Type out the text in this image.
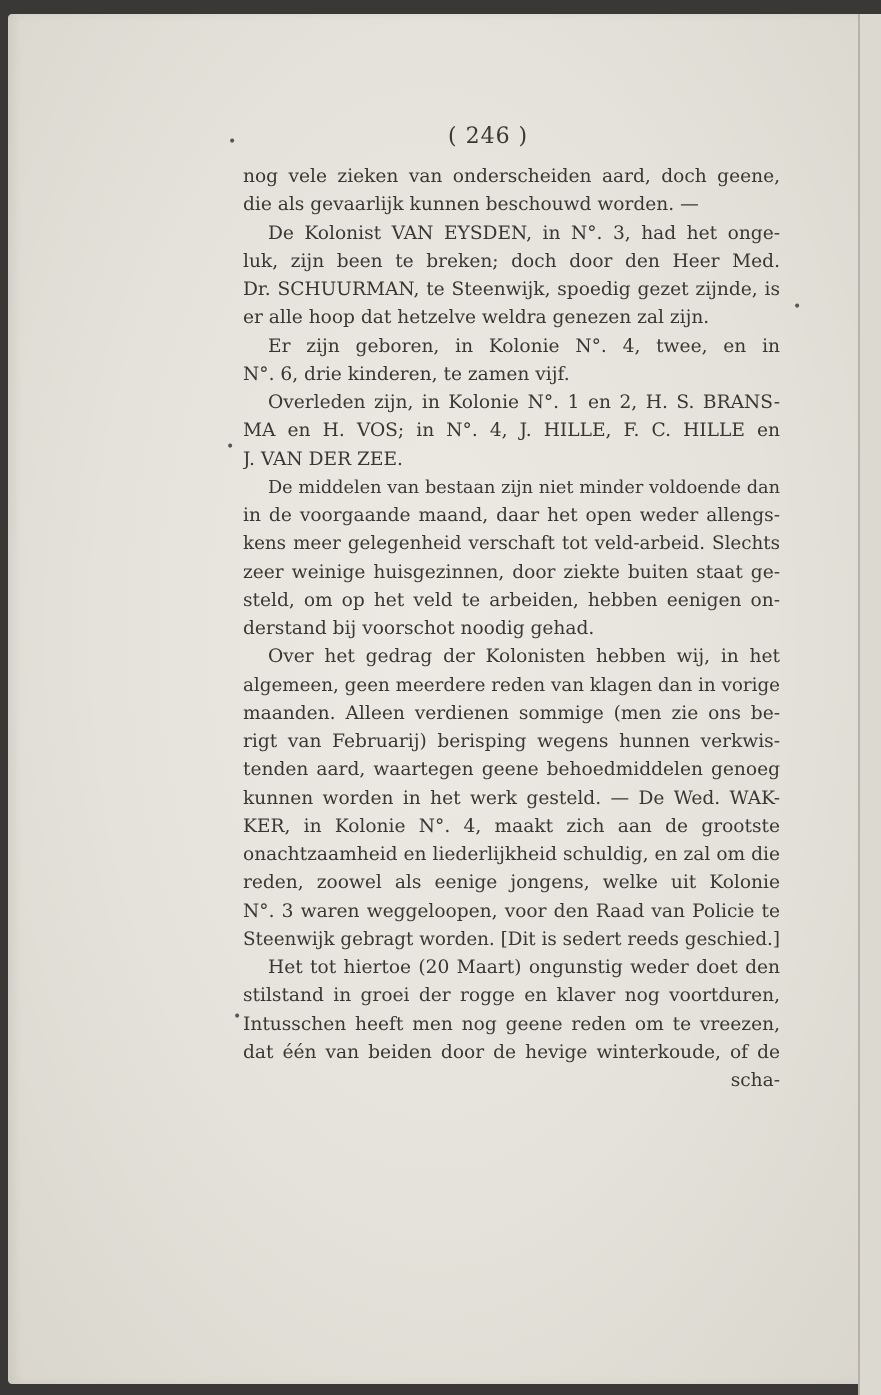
•
•
•
•
( 246 )
nog vele zieken van onderscheiden aard, doch geene,
die als gevaarlijk kunnen beschouwd worden. —
De Kolonist VAN EYSDEN, in N°. 3, had het onge-
luk, zijn been te breken; doch door den Heer Med.
Dr. SCHUURMAN, te Steenwijk, spoedig gezet zijnde, is
er alle hoop dat hetzelve weldra genezen zal zijn.
Er zijn geboren, in Kolonie N°. 4, twee, en in
N°. 6, drie kinderen, te zamen vijf.
Overleden zijn, in Kolonie N°. 1 en 2, H. S. BRANS-
MA en H. VOS; in N°. 4, J. HILLE, F. C. HILLE en
J. VAN DER ZEE.
De middelen van bestaan zijn niet minder voldoende dan
in de voorgaande maand, daar het open weder allengs-
kens meer gelegenheid verschaft tot veld-arbeid. Slechts
zeer weinige huisgezinnen, door ziekte buiten staat ge-
steld, om op het veld te arbeiden, hebben eenigen on-
derstand bij voorschot noodig gehad.
Over het gedrag der Kolonisten hebben wij, in het
algemeen, geen meerdere reden van klagen dan in vorige
maanden. Alleen verdienen sommige (men zie ons be-
rigt van Februarij) berisping wegens hunnen verkwis-
tenden aard, waartegen geene behoedmiddelen genoeg
kunnen worden in het werk gesteld. — De Wed. WAK-
KER, in Kolonie N°. 4, maakt zich aan de grootste
onachtzaamheid en liederlijkheid schuldig, en zal om die
reden, zoowel als eenige jongens, welke uit Kolonie
N°. 3 waren weggeloopen, voor den Raad van Policie te
Steenwijk gebragt worden. [Dit is sedert reeds geschied.]
Het tot hiertoe (20 Maart) ongunstig weder doet den
stilstand in groei der rogge en klaver nog voortduren,
Intusschen heeft men nog geene reden om te vreezen,
dat één van beiden door de hevige winterkoude, of de
scha-
